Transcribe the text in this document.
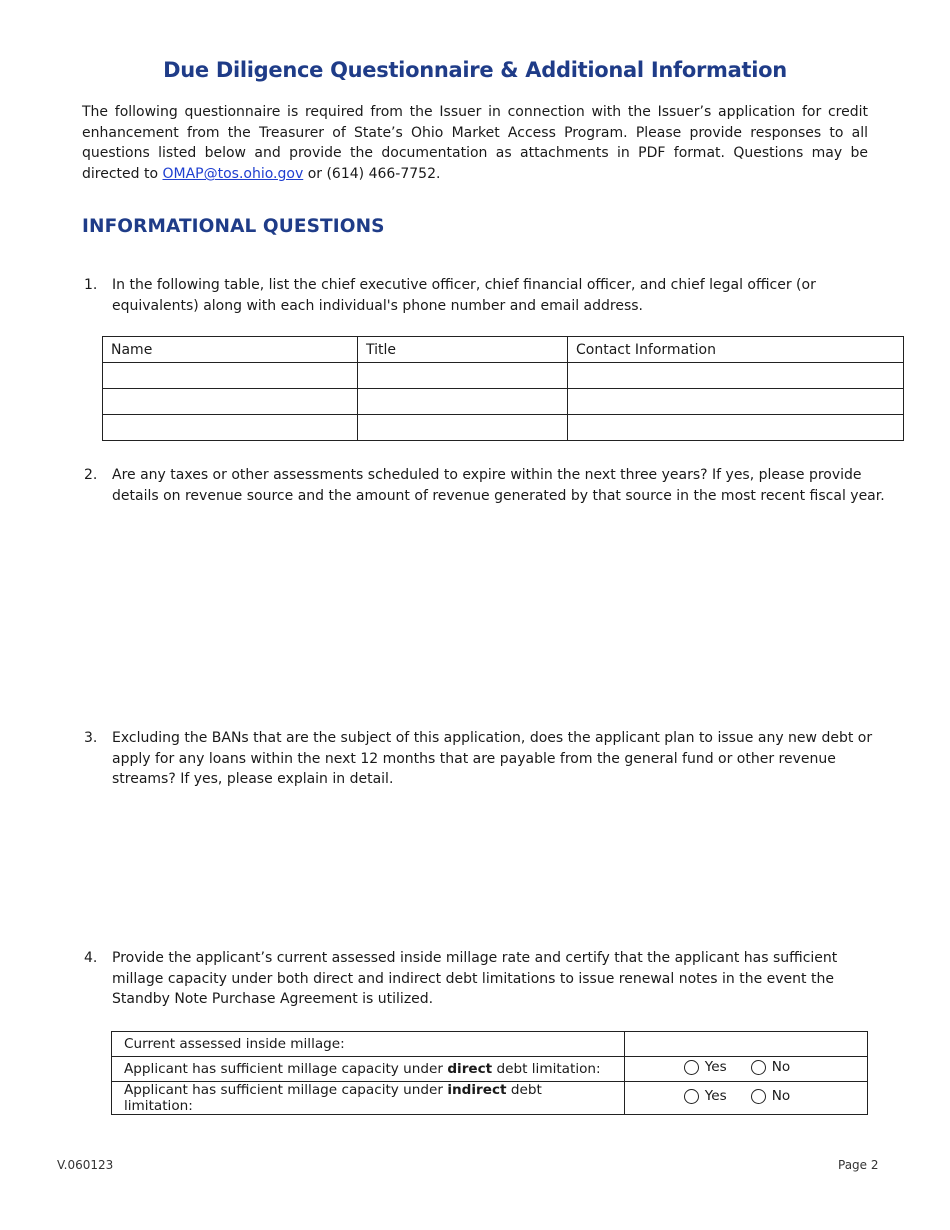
Due Diligence Questionnaire & Additional Information
The following questionnaire is required from the Issuer in connection with the Issuer’s application for credit enhancement from the Treasurer of State’s Ohio Market Access Program. Please provide responses to all questions listed below and provide the documentation as attachments in PDF format. Questions may be directed to OMAP@tos.ohio.gov or (614) 466-7752.
INFORMATIONAL QUESTIONS
1. In the following table, list the chief executive officer, chief financial officer, and chief legal officer (or equivalents) along with each individual's phone number and email address.
Name	Title	Contact Information

2. Are any taxes or other assessments scheduled to expire within the next three years? If yes, please provide details on revenue source and the amount of revenue generated by that source in the most recent fiscal year.
3. Excluding the BANs that are the subject of this application, does the applicant plan to issue any new debt or apply for any loans within the next 12 months that are payable from the general fund or other revenue streams? If yes, please explain in detail.
4. Provide the applicant’s current assessed inside millage rate and certify that the applicant has sufficient millage capacity under both direct and indirect debt limitations to issue renewal notes in the event the Standby Note Purchase Agreement is utilized.
Current assessed inside millage:	
Applicant has sufficient millage capacity under direct debt limitation:	Yes No

Applicant has sufficient millage capacity under indirect debt limitation:	Yes No
V.060123	Page 2
